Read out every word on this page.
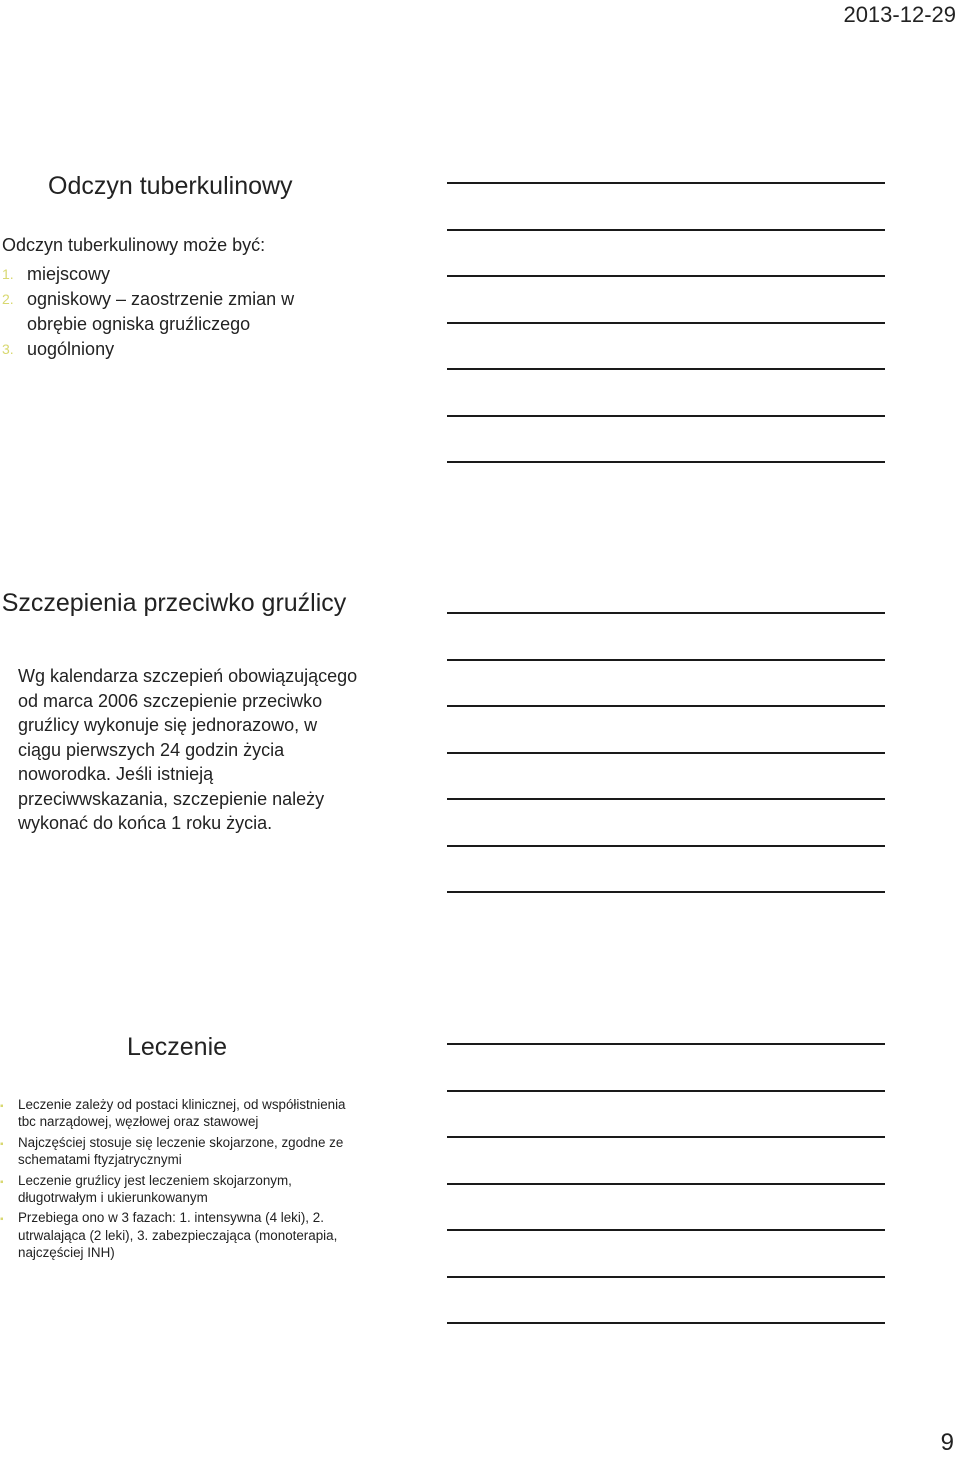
2013-12-29
Odczyn tuberkulinowy
Odczyn tuberkulinowy może być:
1. miejscowy
2. ogniskowy – zaostrzenie zmian w obrębie ogniska gruźliczego
3. uogólniony
Szczepienia przeciwko gruźlicy
Wg kalendarza szczepień obowiązującego od marca 2006 szczepienie przeciwko gruźlicy wykonuje się jednorazowo, w ciągu pierwszych 24 godzin życia noworodka. Jeśli istnieją przeciwwskazania, szczepienie należy wykonać do końca 1 roku życia.
Leczenie
▪	Leczenie zależy od postaci klinicznej, od współistnienia tbc narządowej, węzłowej oraz stawowej
▪	Najczęściej stosuje się leczenie skojarzone, zgodne ze schematami ftyzjatrycznymi
▪	Leczenie gruźlicy jest leczeniem skojarzonym, długotrwałym i ukierunkowanym
▪	Przebiega ono w 3 fazach: 1. intensywna (4 leki), 2. utrwalająca (2 leki), 3. zabezpieczająca (monoterapia, najczęściej INH)
9
